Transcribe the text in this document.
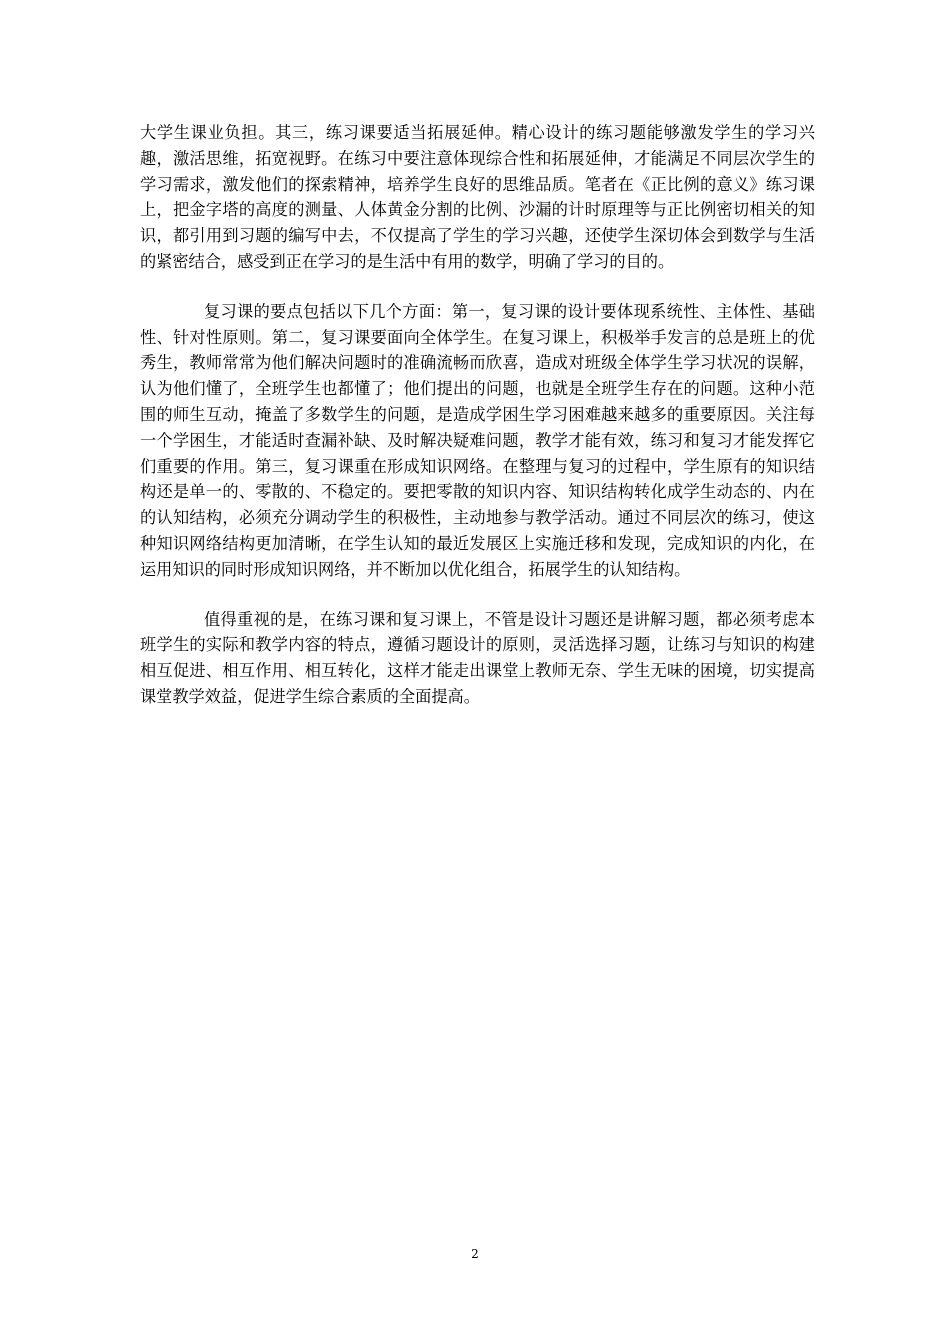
大学生课业负担。其三，练习课要适当拓展延伸。精心设计的练习题能够激发学生的学习兴趣，激活思维，拓宽视野。在练习中要注意体现综合性和拓展延伸，才能满足不同层次学生的学习需求，激发他们的探索精神，培养学生良好的思维品质。笔者在《正比例的意义》练习课上，把金字塔的高度的测量、人体黄金分割的比例、沙漏的计时原理等与正比例密切相关的知识，都引用到习题的编写中去，不仅提高了学生的学习兴趣，还使学生深切体会到数学与生活的紧密结合，感受到正在学习的是生活中有用的数学，明确了学习的目的。

复习课的要点包括以下几个方面：第一，复习课的设计要体现系统性、主体性、基础性、针对性原则。第二，复习课要面向全体学生。在复习课上，积极举手发言的总是班上的优秀生，教师常常为他们解决问题时的准确流畅而欣喜，造成对班级全体学生学习状况的误解，认为他们懂了，全班学生也都懂了；他们提出的问题，也就是全班学生存在的问题。这种小范围的师生互动，掩盖了多数学生的问题，是造成学困生学习困难越来越多的重要原因。关注每一个学困生，才能适时查漏补缺、及时解决疑难问题，教学才能有效，练习和复习才能发挥它们重要的作用。第三，复习课重在形成知识网络。在整理与复习的过程中，学生原有的知识结构还是单一的、零散的、不稳定的。要把零散的知识内容、知识结构转化成学生动态的、内在的认知结构，必须充分调动学生的积极性，主动地参与教学活动。通过不同层次的练习，使这种知识网络结构更加清晰，在学生认知的最近发展区上实施迁移和发现，完成知识的内化，在运用知识的同时形成知识网络，并不断加以优化组合，拓展学生的认知结构。

值得重视的是，在练习课和复习课上，不管是设计习题还是讲解习题，都必须考虑本班学生的实际和教学内容的特点，遵循习题设计的原则，灵活选择习题，让练习与知识的构建相互促进、相互作用、相互转化，这样才能走出课堂上教师无奈、学生无味的困境，切实提高课堂教学效益，促进学生综合素质的全面提高。

2
